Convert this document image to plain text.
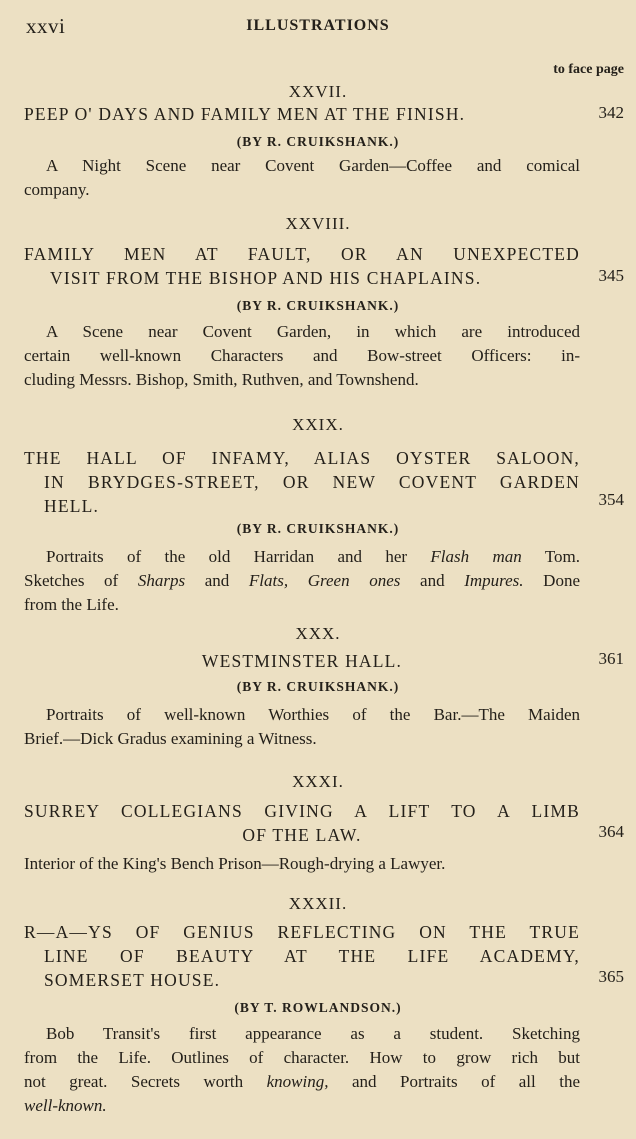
xxvi	ILLUSTRATIONS
to face page
XXVII.
PEEP O' DAYS AND FAMILY MEN AT THE FINISH.	342
(BY R. CRUIKSHANK.)
A Night Scene near Covent Garden—Coffee and comical
company.
XXVIII.
FAMILY MEN AT FAULT, OR AN UNEXPECTED
VISIT FROM THE BISHOP AND HIS CHAPLAINS.	345
(BY R. CRUIKSHANK.)
A Scene near Covent Garden, in which are introduced
certain well-known Characters and Bow-street Officers: in-
cluding Messrs. Bishop, Smith, Ruthven, and Townshend.
XXIX.
THE HALL OF INFAMY, ALIAS OYSTER SALOON,
IN BRYDGES-STREET, OR NEW COVENT GARDEN
HELL.	354
(BY R. CRUIKSHANK.)
Portraits of the old Harridan and her Flash man Tom.
Sketches of Sharps and Flats, Green ones and Impures. Done
from the Life.
XXX.
WESTMINSTER HALL.	361
(BY R. CRUIKSHANK.)
Portraits of well-known Worthies of the Bar.—The Maiden
Brief.—Dick Gradus examining a Witness.
XXXI.
SURREY COLLEGIANS GIVING A LIFT TO A LIMB
OF THE LAW.	364
Interior of the King's Bench Prison—Rough-drying a Lawyer.
XXXII.
R—A—YS OF GENIUS REFLECTING ON THE TRUE
LINE OF BEAUTY AT THE LIFE ACADEMY,
SOMERSET HOUSE.	365
(BY T. ROWLANDSON.)
Bob Transit's first appearance as a student. Sketching
from the Life. Outlines of character. How to grow rich but
not great. Secrets worth knowing, and Portraits of all the
well-known.
